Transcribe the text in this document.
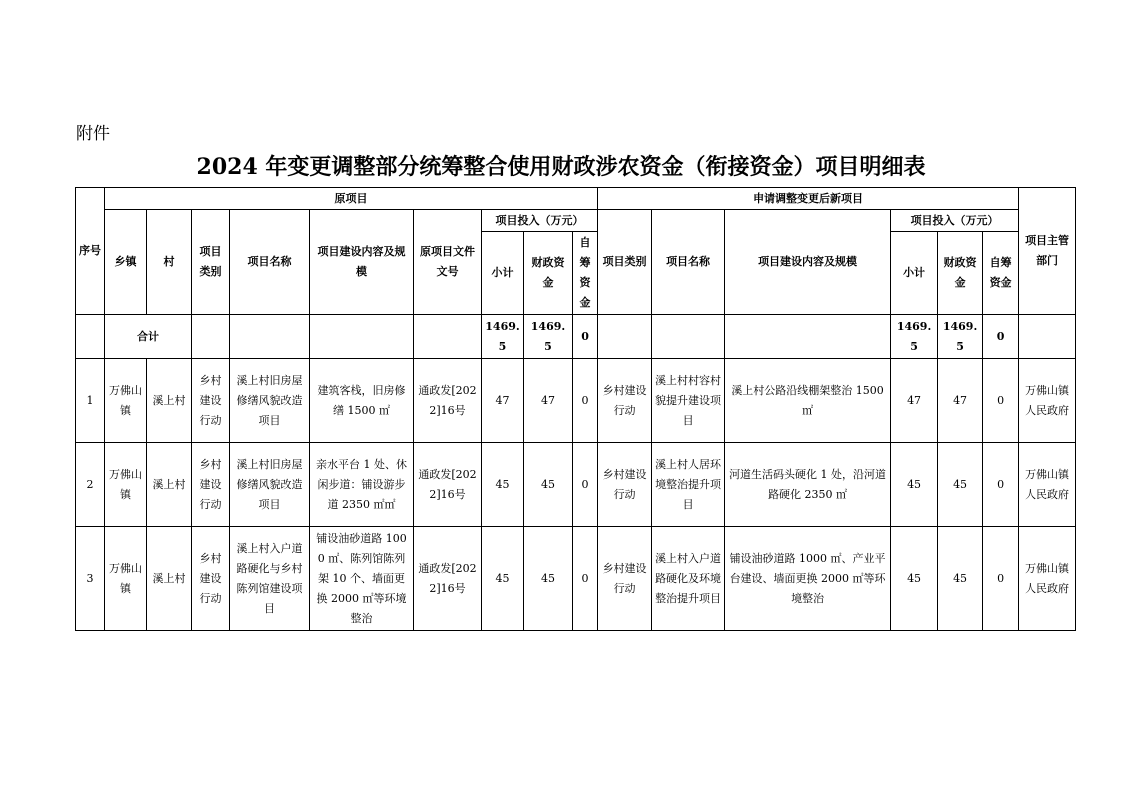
附件
2024 年变更调整部分统筹整合使用财政涉农资金（衔接资金）项目明细表
序号	原项目									申请调整变更后新项目						项目主管部门
	乡镇	村	项目类别	项目名称	项目建设内容及规模	原项目文件文号	项目投入（万元）			项目类别	项目名称	项目建设内容及规模	项目投入（万元）			
							小计	财政资金	自筹资金				小计	财政资金	自筹资金	
	合计						1469.5	1469.5	0				1469.5	1469.5	0	
1	万佛山镇	溪上村	乡村建设行动	溪上村旧房屋修缮风貌改造项目	建筑客栈，旧房修缮 1500 ㎡	通政发[2022]16号	47	47	0	乡村建设行动	溪上村村容村貌提升建设项目	溪上村公路沿线棚架整治 1500 ㎡	47	47	0	万佛山镇人民政府
2	万佛山镇	溪上村	乡村建设行动	溪上村旧房屋修缮风貌改造项目	亲水平台 1 处、休闲步道：铺设游步道 2350 ㎡㎡	通政发[2022]16号	45	45	0	乡村建设行动	溪上村人居环境整治提升项目	河道生活码头硬化 1 处，沿河道路硬化 2350 ㎡	45	45	0	万佛山镇人民政府
3	万佛山镇	溪上村	乡村建设行动	溪上村入户道路硬化与乡村陈列馆建设项目	铺设油砂道路 1000 ㎡、陈列馆陈列架 10 个、墙面更换 2000 ㎡等环境整治	通政发[2022]16号	45	45	0	乡村建设行动	溪上村入户道路硬化及环境整治提升项目	铺设油砂道路 1000 ㎡、产业平台建设、墙面更换 2000 ㎡等环境整治	45	45	0	万佛山镇人民政府
